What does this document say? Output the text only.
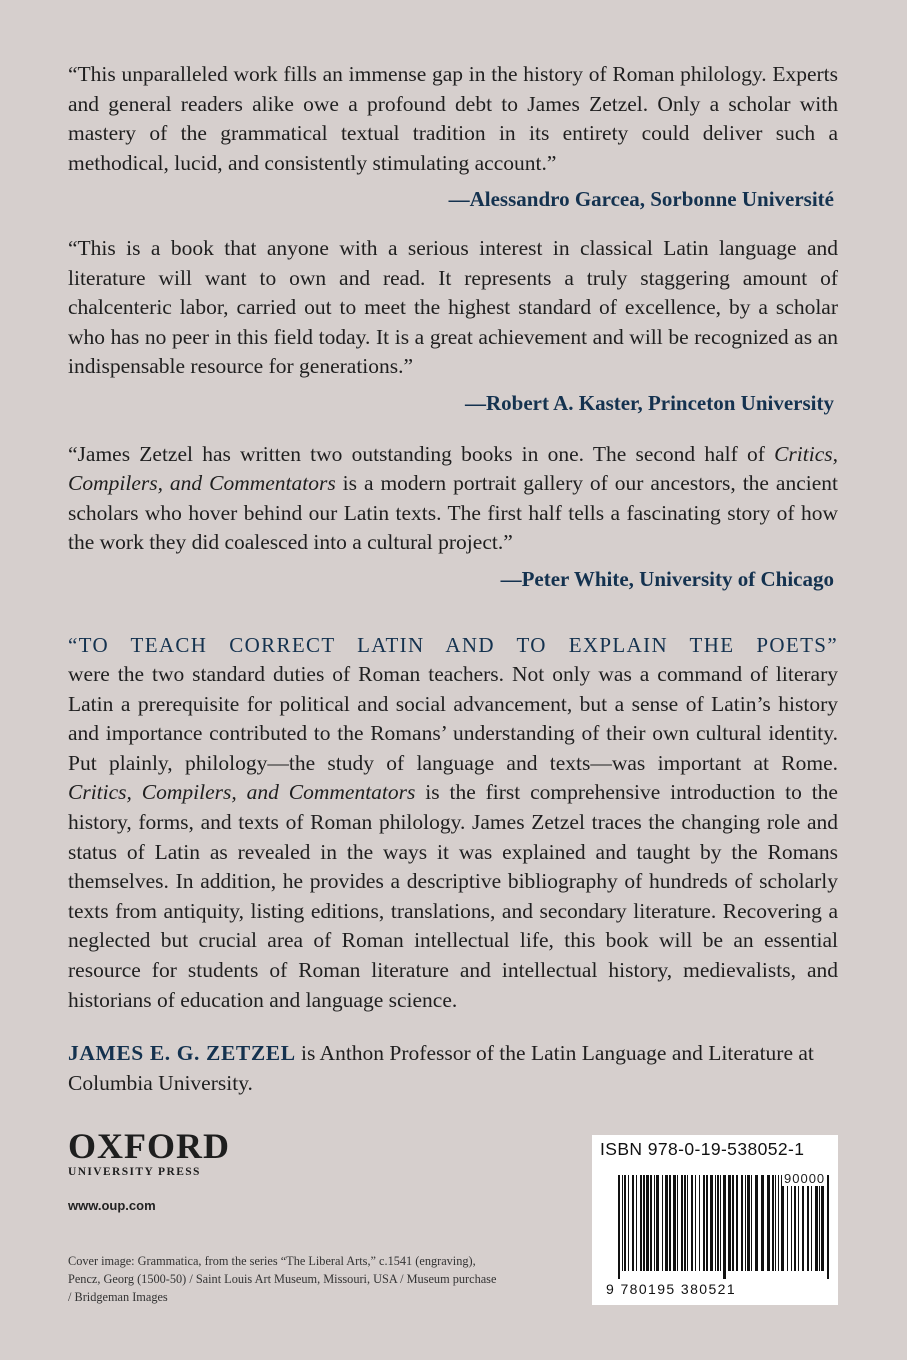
“This unparalleled work fills an immense gap in the history of Roman philology. Experts and general readers alike owe a profound debt to James Zetzel. Only a scholar with mastery of the grammatical textual tradition in its entirety could deliver such a methodical, lucid, and consistently stimulating account.”

—Alessandro Garcea, Sorbonne Université

“This is a book that anyone with a serious interest in classical Latin language and literature will want to own and read. It represents a truly staggering amount of chalcenteric labor, carried out to meet the highest standard of excellence, by a scholar who has no peer in this field today. It is a great achievement and will be recognized as an indispensable resource for generations.”

—Robert A. Kaster, Princeton University

“James Zetzel has written two outstanding books in one. The second half of Critics, Compilers, and Commentators is a modern portrait gallery of our ancestors, the ancient scholars who hover behind our Latin texts. The first half tells a fascinating story of how the work they did coalesced into a cultural project.”

—Peter White, University of Chicago
“TO TEACH CORRECT LATIN AND TO EXPLAIN THE POETS”
were the two standard duties of Roman teachers. Not only was a command of literary Latin a prerequisite for political and social advancement, but a sense of Latin’s history and importance contributed to the Romans’ understanding of their own cultural identity. Put plainly, philology—the study of language and texts—was important at Rome. Critics, Compilers, and Commentators is the first comprehensive introduction to the history, forms, and texts of Roman philology. James Zetzel traces the changing role and status of Latin as revealed in the ways it was explained and taught by the Romans themselves. In addition, he provides a descriptive bibliography of hundreds of scholarly texts from antiquity, listing editions, translations, and secondary literature. Recovering a neglected but crucial area of Roman intellectual life, this book will be an essential resource for students of Roman literature and intellectual history, medievalists, and historians of education and language science.
JAMES E. G. ZETZEL is Anthon Professor of the Latin Language and Literature at Columbia University.
OXFORD
UNIVERSITY PRESS
www.oup.com
Cover image: Grammatica, from the series “The Liberal Arts,” c.1541 (engraving), Pencz, Georg (1500-50) / Saint Louis Art Museum, Missouri, USA / Museum purchase / Bridgeman Images
ISBN 978-0-19-538052-1
90000
9 780195 380521
